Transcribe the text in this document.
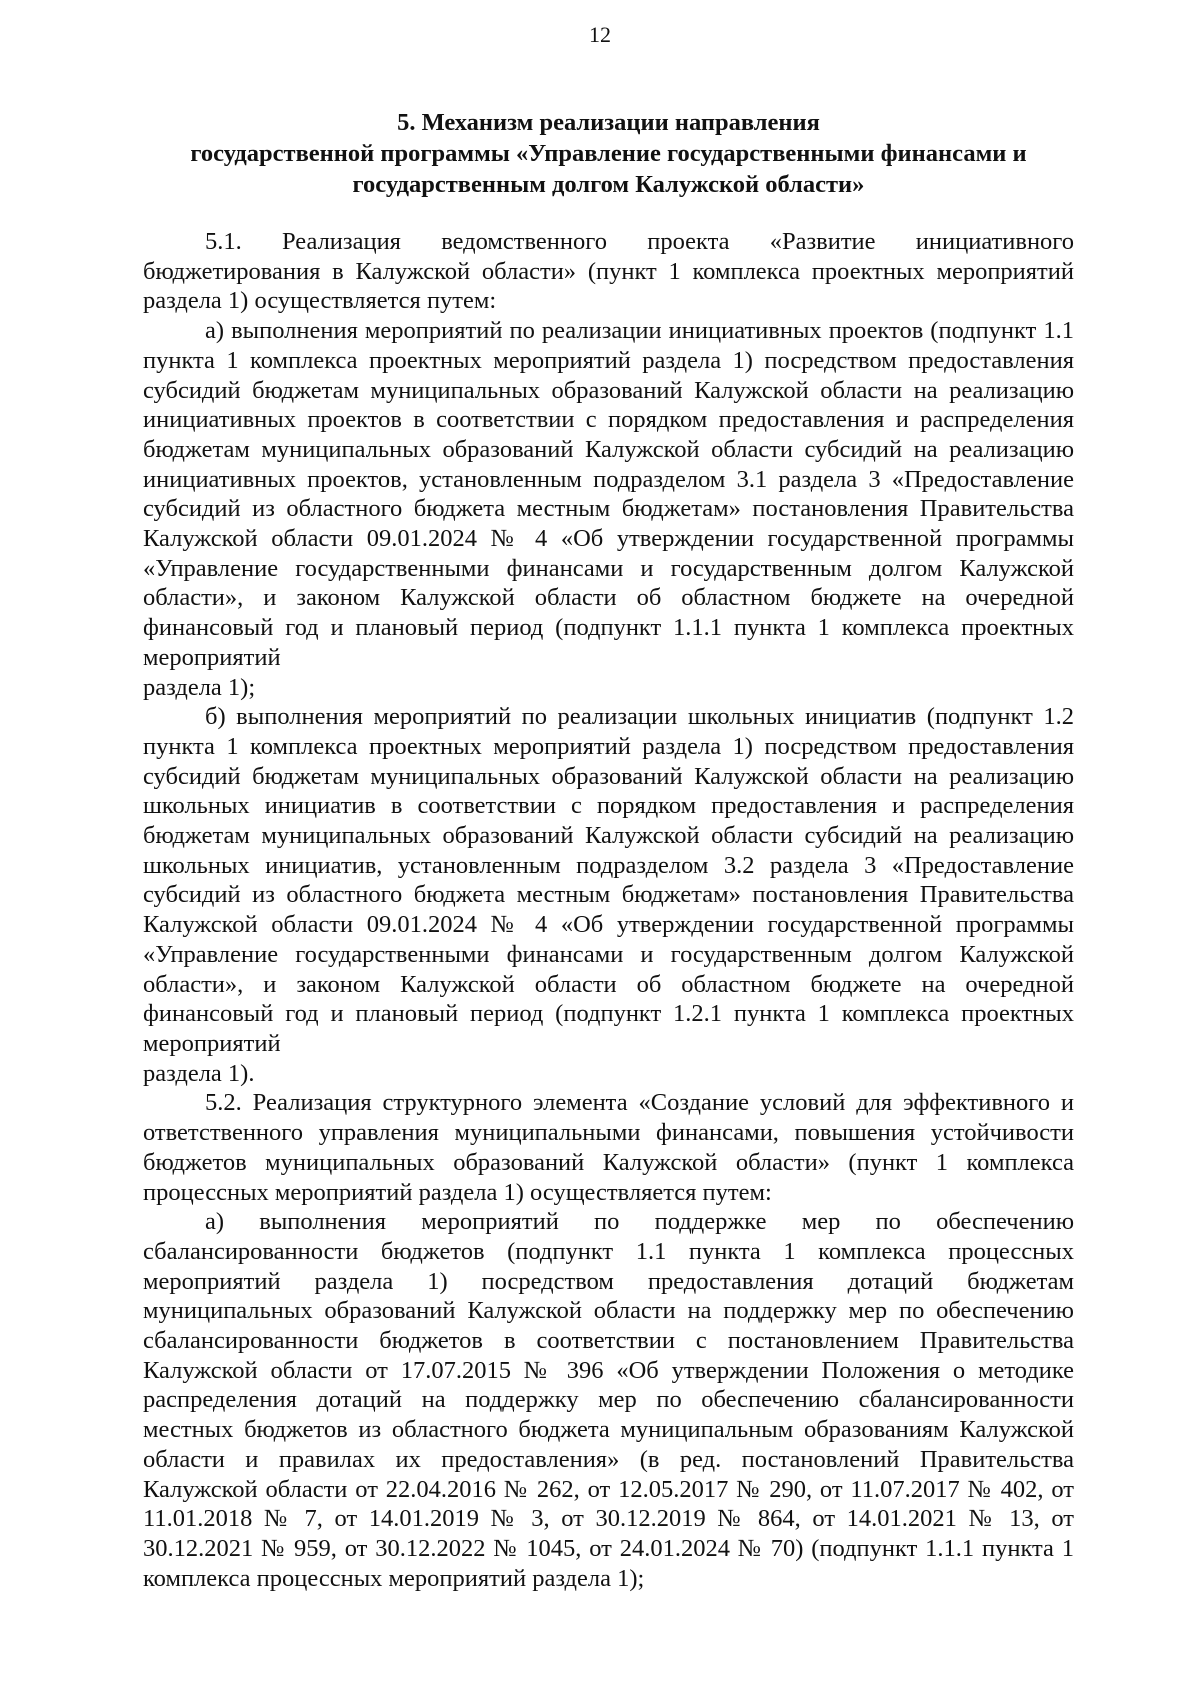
12
5. Механизм реализации направления
государственной программы «Управление государственными финансами и
государственным долгом Калужской области»

5.1. Реализация ведомственного проекта «Развитие инициативного бюджетирования в Калужской области» (пункт 1 комплекса проектных мероприятий раздела 1) осуществляется путем:

а) выполнения мероприятий по реализации инициативных проектов (подпункт 1.1 пункта 1 комплекса проектных мероприятий раздела 1) посредством предоставления субсидий бюджетам муниципальных образований Калужской области на реализацию инициативных проектов в соответствии с порядком предоставления и распределения бюджетам муниципальных образований Калужской области субсидий на реализацию инициативных проектов, установленным подразделом 3.1 раздела 3 «Предоставление субсидий из областного бюджета местным бюджетам» постановления Правительства Калужской области 09.01.2024 № 4 «Об утверждении государственной программы «Управление государственными финансами и государственным долгом Калужской области», и законом Калужской области об областном бюджете на очередной финансовый год и плановый период (подпункт 1.1.1 пункта 1 комплекса проектных мероприятий

раздела 1);

б) выполнения мероприятий по реализации школьных инициатив (подпункт 1.2 пункта 1 комплекса проектных мероприятий раздела 1) посредством предоставления субсидий бюджетам муниципальных образований Калужской области на реализацию школьных инициатив в соответствии с порядком предоставления и распределения бюджетам муниципальных образований Калужской области субсидий на реализацию школьных инициатив, установленным подразделом 3.2 раздела 3 «Предоставление субсидий из областного бюджета местным бюджетам» постановления Правительства Калужской области 09.01.2024 № 4 «Об утверждении государственной программы «Управление государственными финансами и государственным долгом Калужской области», и законом Калужской области об областном бюджете на очередной финансовый год и плановый период (подпункт 1.2.1 пункта 1 комплекса проектных мероприятий

раздела 1).

5.2. Реализация структурного элемента «Создание условий для эффективного и ответственного управления муниципальными финансами, повышения устойчивости бюджетов муниципальных образований Калужской области» (пункт 1 комплекса процессных мероприятий раздела 1) осуществляется путем:

а) выполнения мероприятий по поддержке мер по обеспечению сбалансированности бюджетов (подпункт 1.1 пункта 1 комплекса процессных мероприятий раздела 1) посредством предоставления дотаций бюджетам муниципальных образований Калужской области на поддержку мер по обеспечению сбалансированности бюджетов в соответствии с постановлением Правительства Калужской области от 17.07.2015 № 396 «Об утверждении Положения о методике распределения дотаций на поддержку мер по обеспечению сбалансированности местных бюджетов из областного бюджета муниципальным образованиям Калужской области и правилах их предоставления» (в ред. постановлений Правительства Калужской области от 22.04.2016 № 262, от 12.05.2017 № 290, от 11.07.2017 № 402, от 11.01.2018 № 7, от 14.01.2019 № 3, от 30.12.2019 № 864, от 14.01.2021 № 13, от 30.12.2021 № 959, от 30.12.2022 № 1045, от 24.01.2024 № 70) (подпункт 1.1.1 пункта 1 комплекса процессных мероприятий раздела 1);
